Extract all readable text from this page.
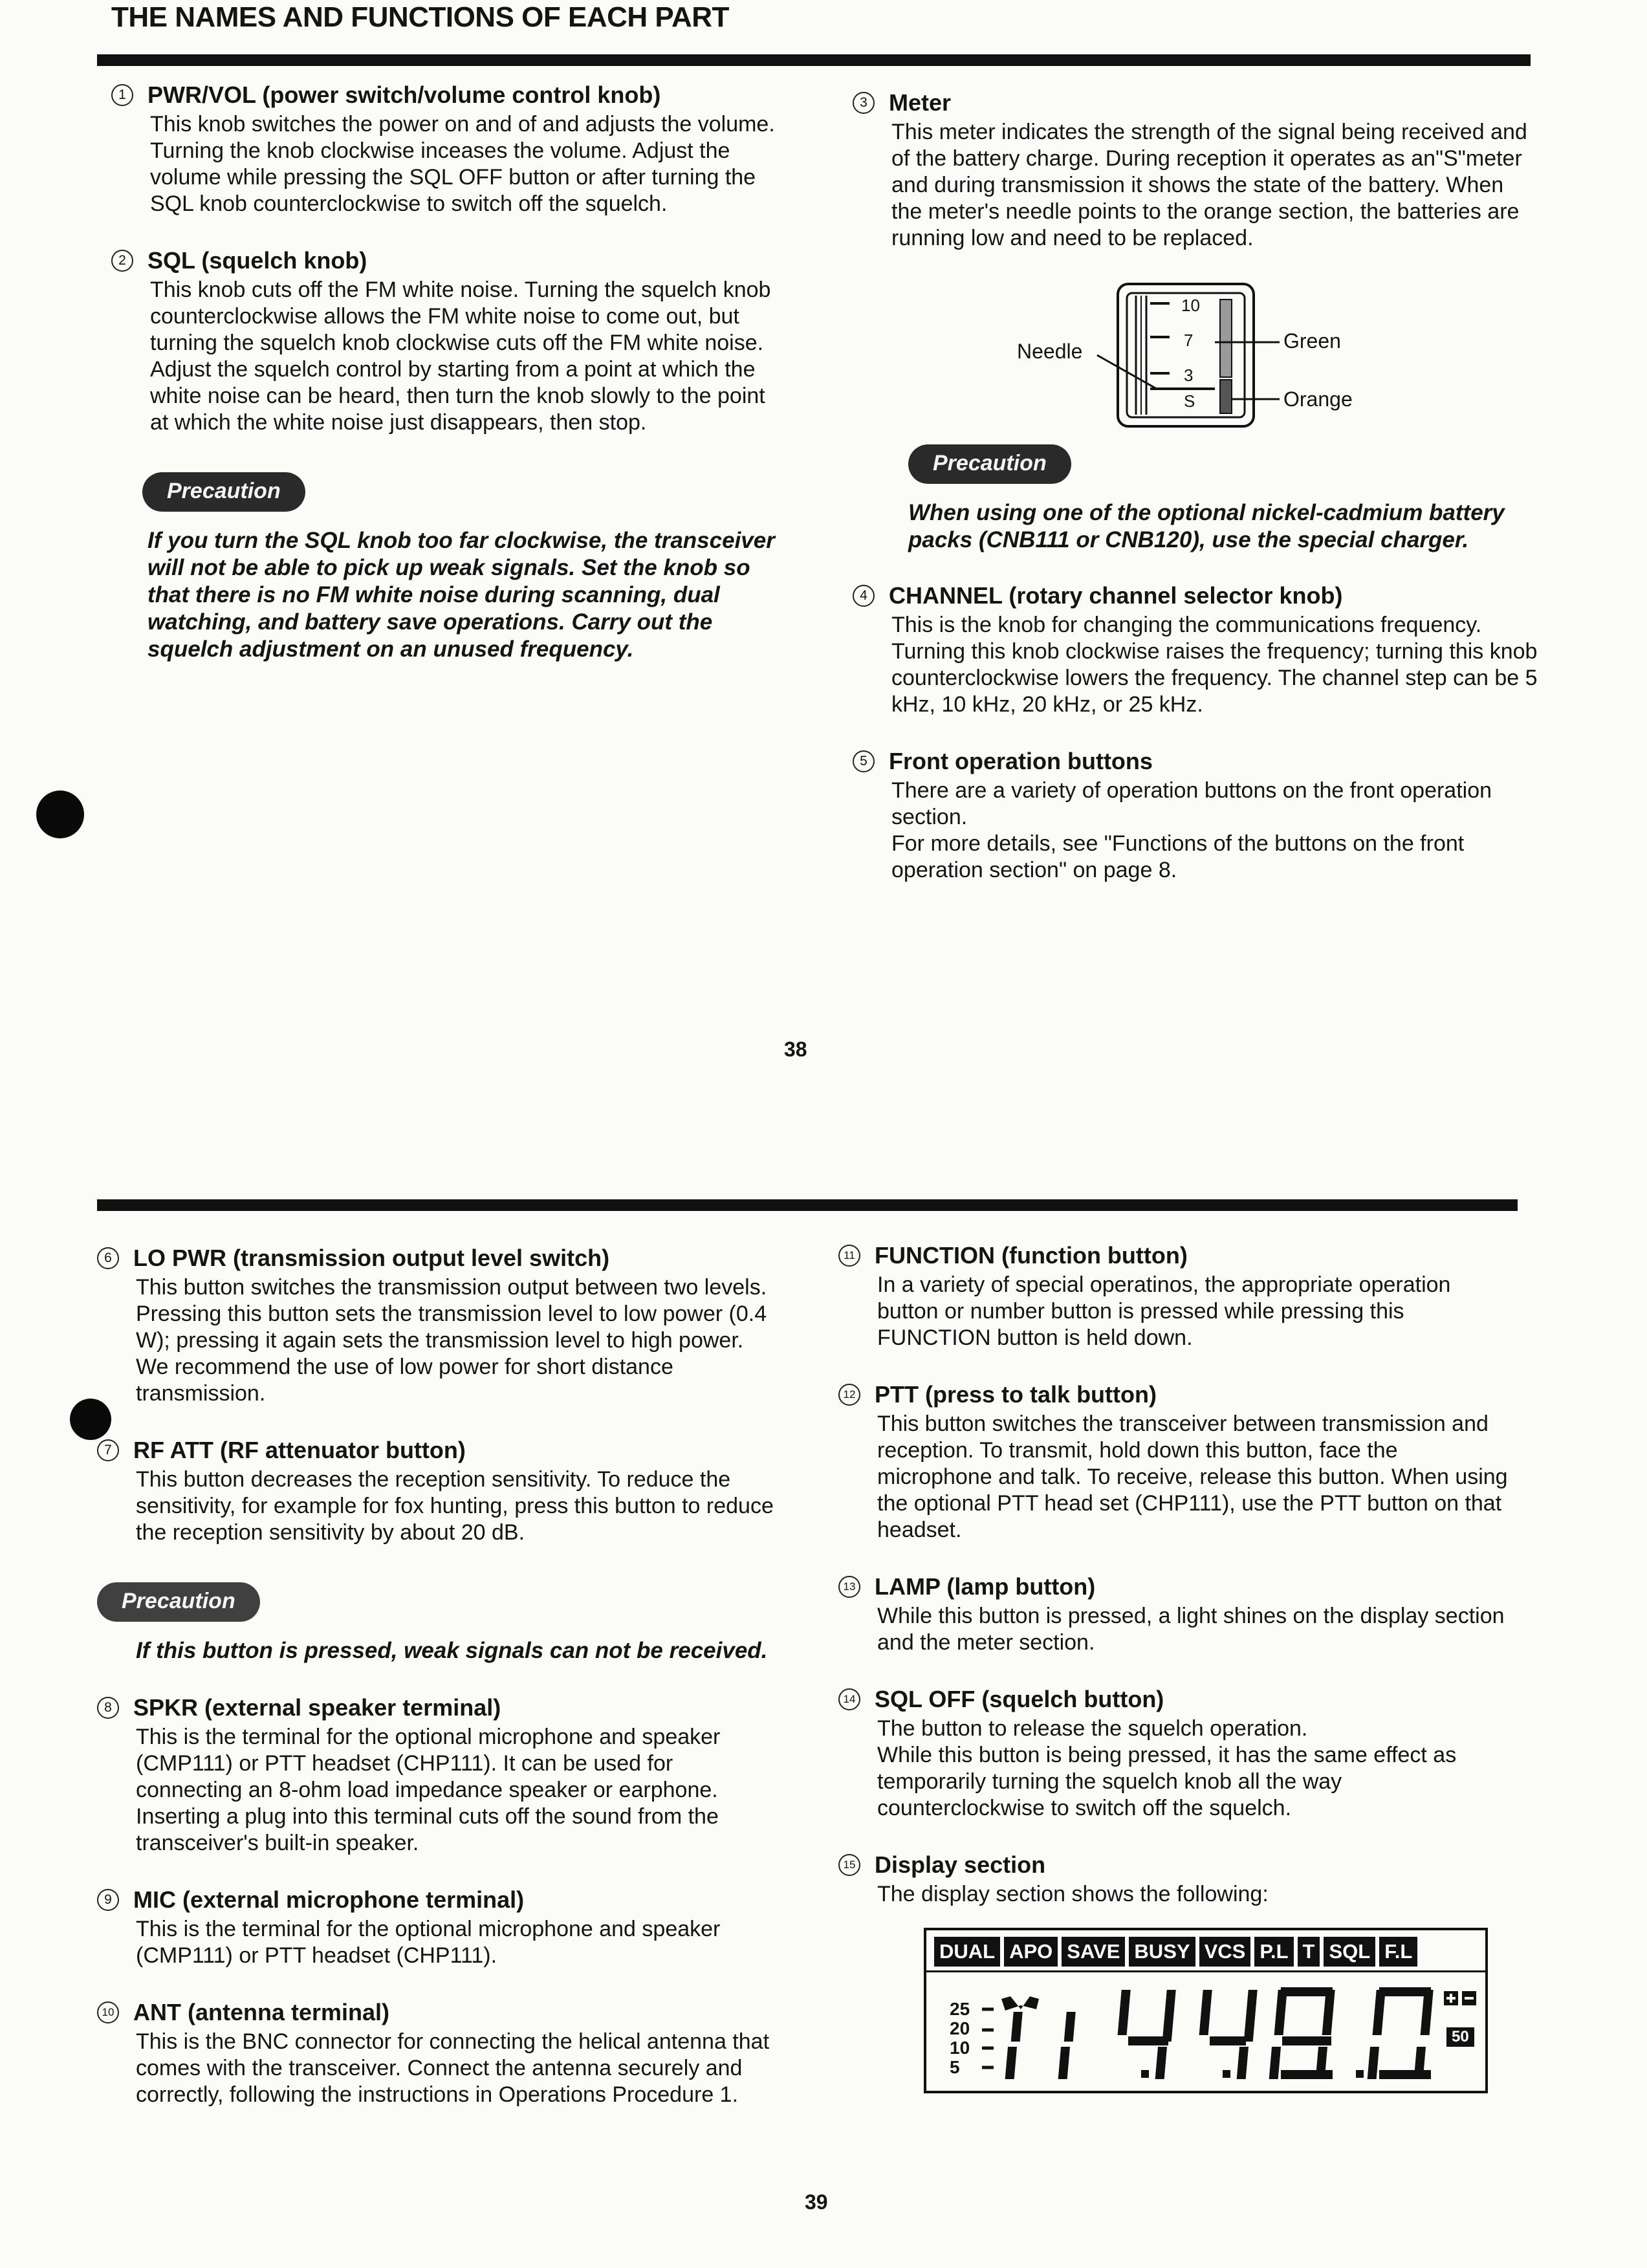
THE NAMES AND FUNCTIONS OF EACH PART
1 PWR/VOL (power switch/volume control knob)
This knob switches the power on and of and adjusts the volume. Turning the knob clockwise inceases the volume. Adjust the volume while pressing the SQL OFF button or after turning the SQL knob counterclockwise to switch off the squelch.
2 SQL (squelch knob)
This knob cuts off the FM white noise. Turning the squelch knob counterclockwise allows the FM white noise to come out, but turning the squelch knob clockwise cuts off the FM white noise. Adjust the squelch control by starting from a point at which the white noise can be heard, then turn the knob slowly to the point at which the white noise just disappears, then stop.
Precaution
If you turn the SQL knob too far clockwise, the transceiver will not be able to pick up weak signals. Set the knob so that there is no FM white noise during scanning, dual watching, and battery save operations. Carry out the squelch adjustment on an unused frequency.
3 Meter
This meter indicates the strength of the signal being received and of the battery charge. During reception it operates as an"S"meter and during transmission it shows the state of the battery. When the meter's needle points to the orange section, the batteries are running low and need to be replaced.
10
7
3
S
Needle	Green
Orange
Precaution
When using one of the optional nickel-cadmium battery packs (CNB111 or CNB120), use the special charger.
4 CHANNEL (rotary channel selector knob)
This is the knob for changing the communications frequency. Turning this knob clockwise raises the frequency; turning this knob counterclockwise lowers the frequency. The channel step can be 5 kHz, 10 kHz, 20 kHz, or 25 kHz.
5 Front operation buttons
There are a variety of operation buttons on the front operation section.
For more details, see "Functions of the buttons on the front operation section" on page 8.
38
6 LO PWR (transmission output level switch)
This button switches the transmission output between two levels. Pressing this button sets the transmission level to low power (0.4 W); pressing it again sets the transmission level to high power. We recommend the use of low power for short distance transmission.
7 RF ATT (RF attenuator button)
This button decreases the reception sensitivity. To reduce the sensitivity, for example for fox hunting, press this button to reduce the reception sensitivity by about 20 dB.
Precaution
If this button is pressed, weak signals can not be received.
8 SPKR (external speaker terminal)
This is the terminal for the optional microphone and speaker (CMP111) or PTT headset (CHP111). It can be used for connecting an 8-ohm load impedance speaker or earphone.
Inserting a plug into this terminal cuts off the sound from the transceiver's built-in speaker.
9 MIC (external microphone terminal)
This is the terminal for the optional microphone and speaker (CMP111) or PTT headset (CHP111).
10 ANT (antenna terminal)
This is the BNC connector for connecting the helical antenna that comes with the transceiver. Connect the antenna securely and correctly, following the instructions in Operations Procedure 1.
11 FUNCTION (function button)
In a variety of special operatinos, the appropriate operation button or number button is pressed while pressing this FUNCTION button is held down.
12 PTT (press to talk button)
This button switches the transceiver between transmission and reception. To transmit, hold down this button, face the microphone and talk. To receive, release this button. When using the optional PTT head set (CHP111), use the PTT button on that headset.
13 LAMP (lamp button)
While this button is pressed, a light shines on the display section and the meter section.
14 SQL OFF (squelch button)
The button to release the squelch operation.
While this button is being pressed, it has the same effect as temporarily turning the squelch knob all the way counterclockwise to switch off the squelch.
15 Display section
The display section shows the following:
DUAL APO SAVE BUSY VCS P.L T SQL F.L
25
20
10
5
50
39
